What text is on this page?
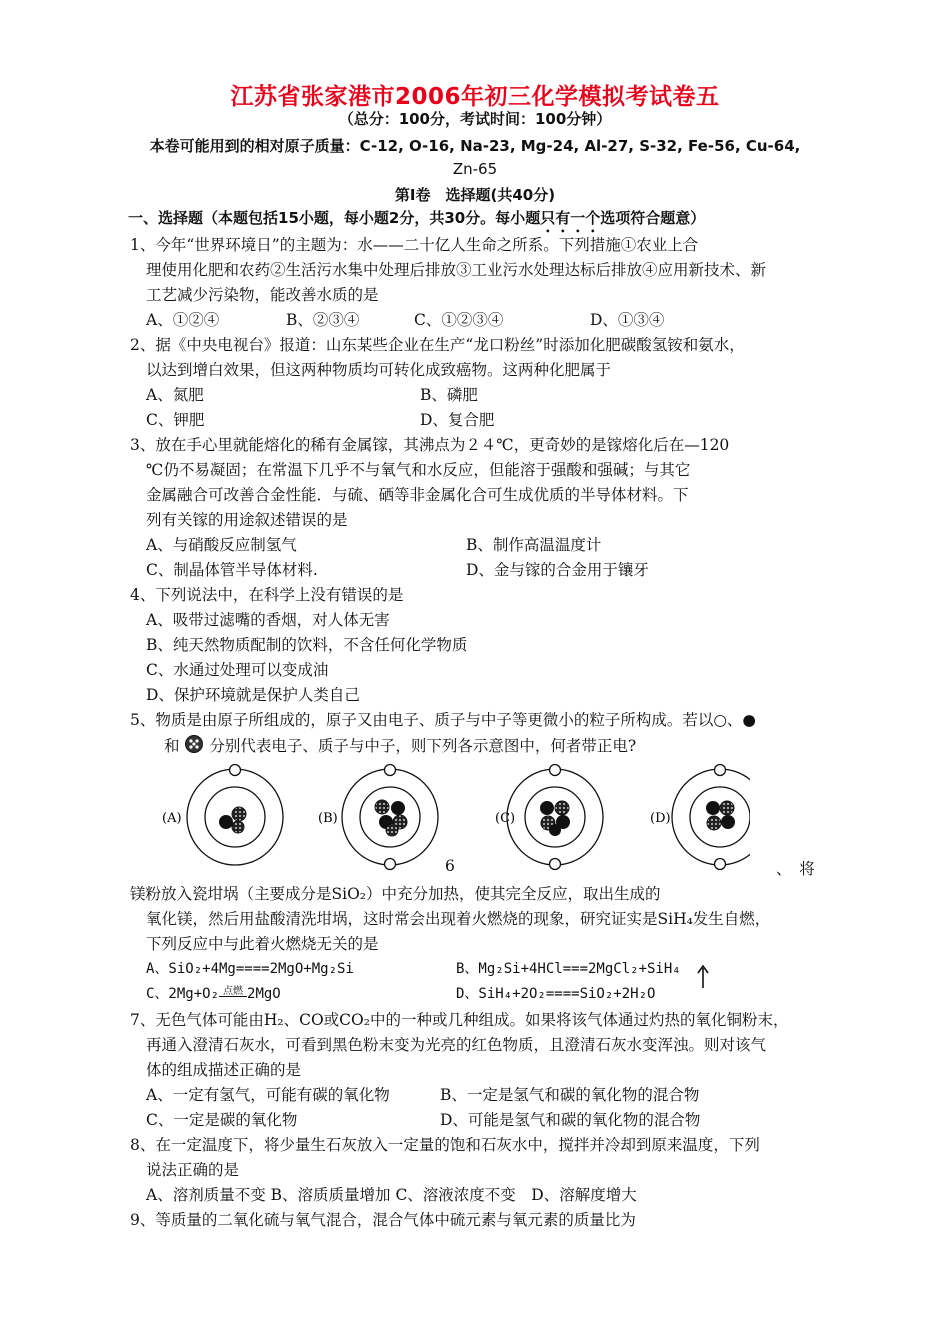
江苏省张家港市2006年初三化学模拟考试卷五
（总分：100分，考试时间：100分钟）
本卷可能用到的相对原子质量：C-12, O-16, Na-23, Mg-24, Al-27, S-32, Fe-56, Cu-64,
Zn-65
第Ⅰ卷　选择题(共40分)
一、选择题（本题包括15小题，每小题2分，共30分。每小题只有一个选项符合题意）
1、今年“世界环境日”的主题为：水——二十亿人生命之所系。下列措施①农业上合
理使用化肥和农药②生活污水集中处理后排放③工业污水处理达标后排放④应用新技术、新
工艺减少污染物，能改善水质的是
A、①②④	B、②③④	C、①②③④	D、①③④
2、据《中央电视台》报道：山东某些企业在生产“龙口粉丝”时添加化肥碳酸氢铵和氨水，
以达到增白效果，但这两种物质均可转化成致癌物。这两种化肥属于
A、氮肥	B、磷肥
C、钾肥	D、复合肥
3、放在手心里就能熔化的稀有金属镓，其沸点为２４℃，更奇妙的是镓熔化后在—120
℃仍不易凝固；在常温下几乎不与氧气和水反应，但能溶于强酸和强碱；与其它
金属融合可改善合金性能．与硫、硒等非金属化合可生成优质的半导体材料。下
列有关镓的用途叙述错误的是
A、与硝酸反应制氢气	B、制作高温温度计
C、制晶体管半导体材料.	D、金与镓的合金用于镶牙
4、下列说法中，在科学上没有错误的是
A、吸带过滤嘴的香烟，对人体无害
B、纯天然物质配制的饮料，不含任何化学物质
C、水通过处理可以变成油
D、保护环境就是保护人类自己
5、物质是由原子所组成的，原子又由电子、质子与中子等更微小的粒子所构成。若以○、●
和 分别代表电子、质子与中子，则下列各示意图中，何者带正电?
(A)	(B)	(C)	(D)
6	、　将
镁粉放入瓷坩埚（主要成分是SiO₂）中充分加热，使其完全反应，取出生成的
氧化镁，然后用盐酸清洗坩埚，这时常会出现着火燃烧的现象，研究证实是SiH₄发生自燃，
下列反应中与此着火燃烧无关的是
A、SiO₂+4Mg====2MgO+Mg₂Si	B、Mg₂Si+4HCl===2MgCl₂+SiH₄
C、2Mg+O₂ 点燃 2MgO	D、SiH₄+2O₂====SiO₂+2H₂O
7、无色气体可能由H₂、CO或CO₂中的一种或几种组成。如果将该气体通过灼热的氧化铜粉末，
再通入澄清石灰水，可看到黑色粉末变为光亮的红色物质，且澄清石灰水变浑浊。则对该气
体的组成描述正确的是
A、一定有氢气，可能有碳的氧化物	B、一定是氢气和碳的氧化物的混合物
C、一定是碳的氧化物	D、可能是氢气和碳的氧化物的混合物
8、在一定温度下，将少量生石灰放入一定量的饱和石灰水中，搅拌并冷却到原来温度，下列
说法正确的是
A、溶剂质量不变 B、溶质质量增加 C、溶液浓度不变　D、溶解度增大
9、等质量的二氧化硫与氧气混合，混合气体中硫元素与氧元素的质量比为
